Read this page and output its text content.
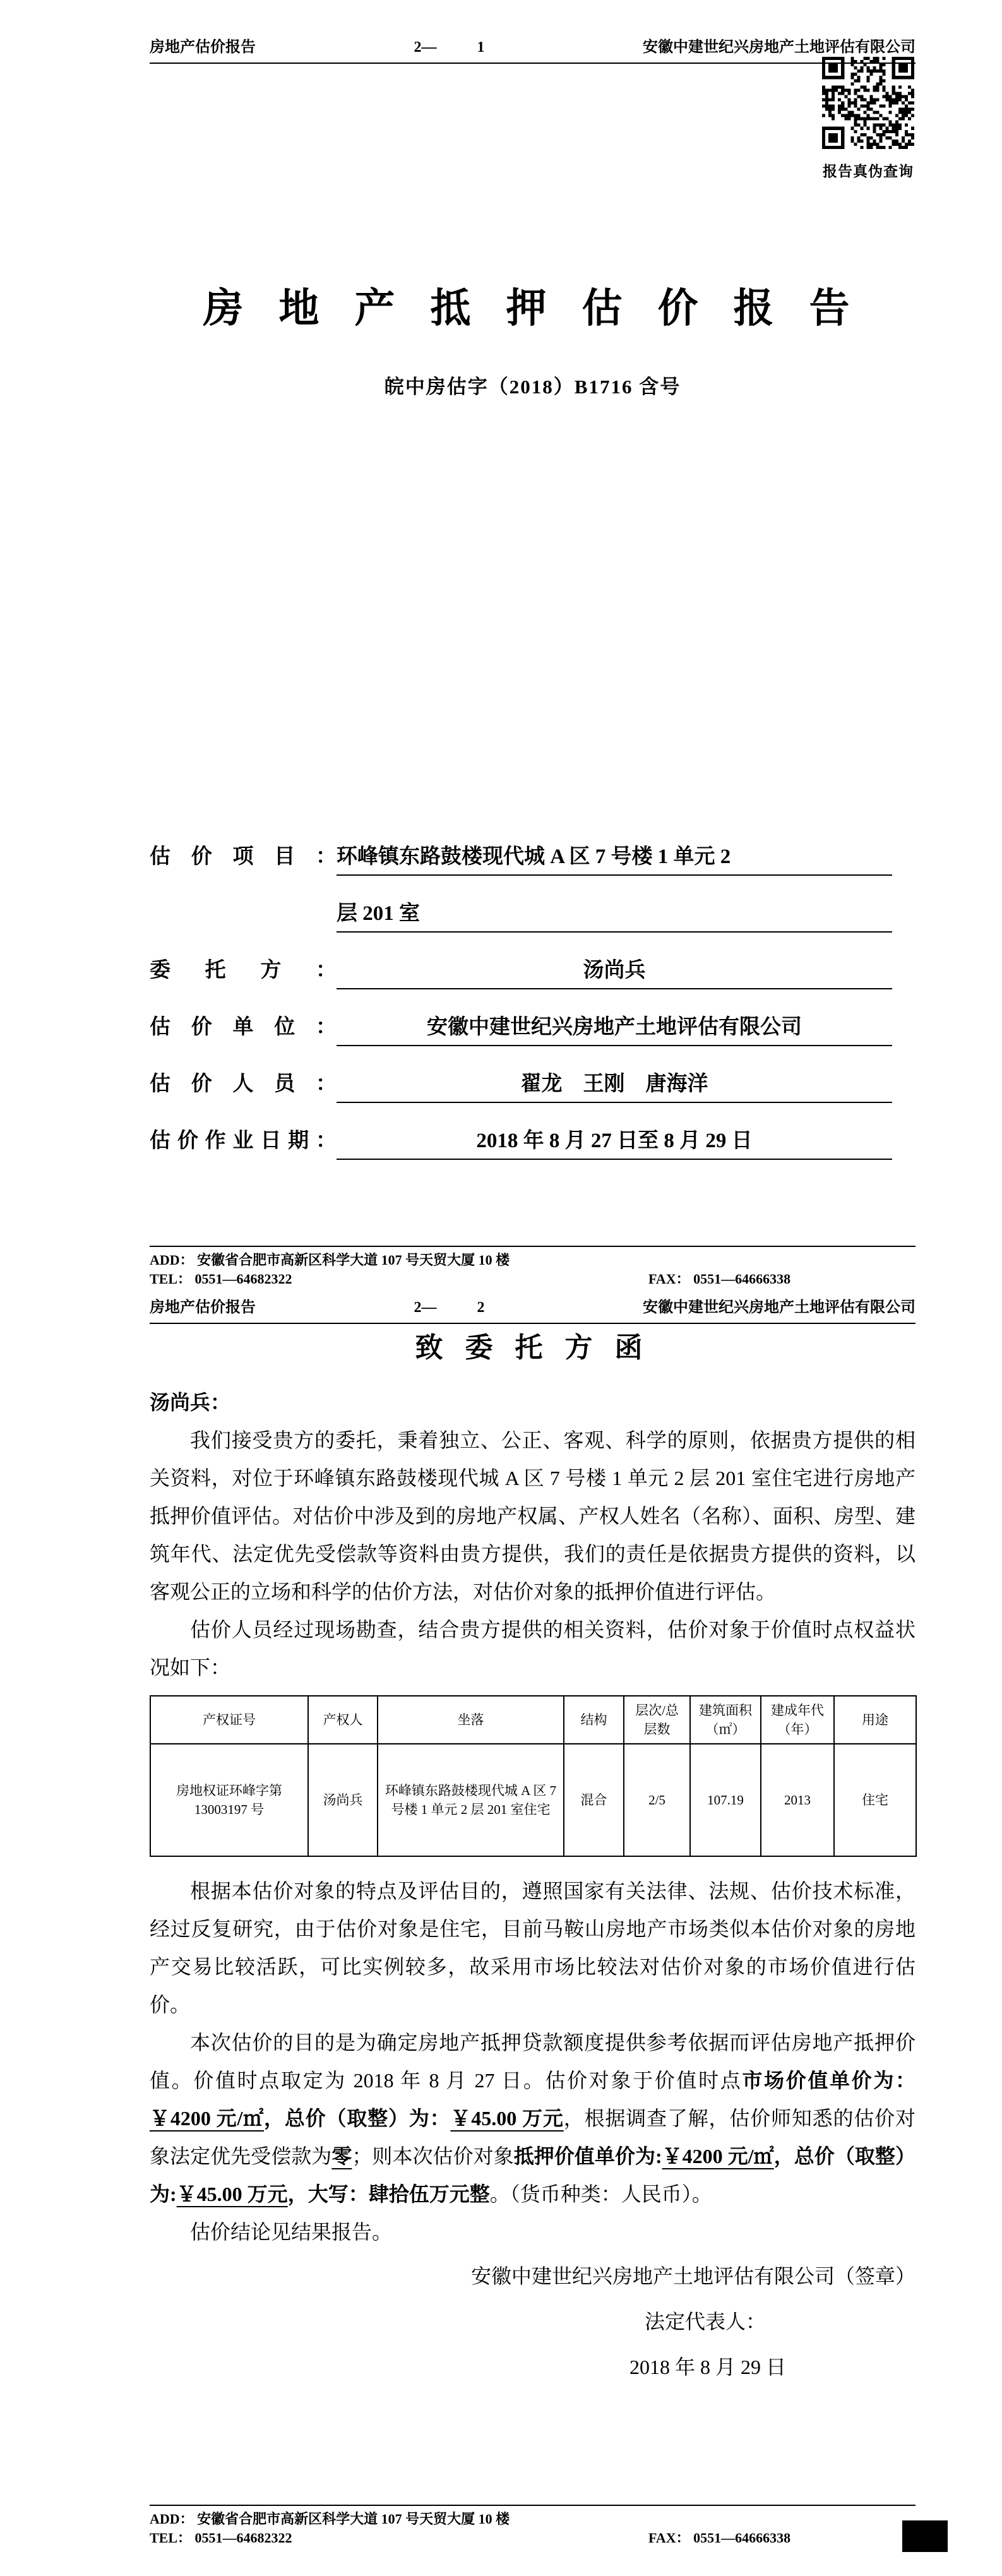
房地产估价报告	2—	1	安徽中建世纪兴房地产土地评估有限公司
报告真伪查询
房 地 产 抵 押 估 价 报 告
皖中房估字（2018）B1716 含号
估价项目：环峰镇东路鼓楼现代城 A 区 7 号楼 1 单元 2
层 201 室
委托方：	汤尚兵
估价单位：	安徽中建世纪兴房地产土地评估有限公司
估价人员：	翟龙　王刚　唐海洋
估价作业日期：	2018 年 8 月 27 日至 8 月 29 日
ADD： 安徽省合肥市高新区科学大道 107 号天贸大厦 10 楼
TEL： 0551—64682322	FAX： 0551—64666338
房地产估价报告	2—	2	安徽中建世纪兴房地产土地评估有限公司
致 委 托 方 函
汤尚兵：
我们接受贵方的委托，秉着独立、公正、客观、科学的原则，依据贵方提供的相关资料，对位于环峰镇东路鼓楼现代城 A 区 7 号楼 1 单元 2 层 201 室住宅进行房地产抵押价值评估。对估价中涉及到的房地产权属、产权人姓名（名称）、面积、房型、建筑年代、法定优先受偿款等资料由贵方提供，我们的责任是依据贵方提供的资料，以客观公正的立场和科学的估价方法，对估价对象的抵押价值进行评估。
估价人员经过现场勘查，结合贵方提供的相关资料，估价对象于价值时点权益状况如下：
产权证号	产权人	坐落	结构	层次/总层数	建筑面积（㎡）	建成年代（年）	用途
房地权证环峰字第13003197 号	汤尚兵	环峰镇东路鼓楼现代城 A 区 7 号楼 1 单元 2 层 201 室住宅	混合	2/5	107.19	2013	住宅
根据本估价对象的特点及评估目的，遵照国家有关法律、法规、估价技术标准，经过反复研究，由于估价对象是住宅，目前马鞍山房地产市场类似本估价对象的房地产交易比较活跃，可比实例较多，故采用市场比较法对估价对象的市场价值进行估价。
本次估价的目的是为确定房地产抵押贷款额度提供参考依据而评估房地产抵押价值。价值时点取定为 2018 年 8 月 27 日。估价对象于价值时点市场价值单价为：￥4200 元/㎡，总价（取整）为：￥45.00 万元，根据调查了解，估价师知悉的估价对象法定优先受偿款为零；则本次估价对象抵押价值单价为:￥4200 元/㎡，总价（取整）为:￥45.00 万元，大写：肆拾伍万元整。（货币种类：人民币）。
估价结论见结果报告。
安徽中建世纪兴房地产土地评估有限公司（签章）
法定代表人：
2018 年 8 月 29 日
ADD： 安徽省合肥市高新区科学大道 107 号天贸大厦 10 楼
TEL： 0551—64682322	FAX： 0551—64666338
